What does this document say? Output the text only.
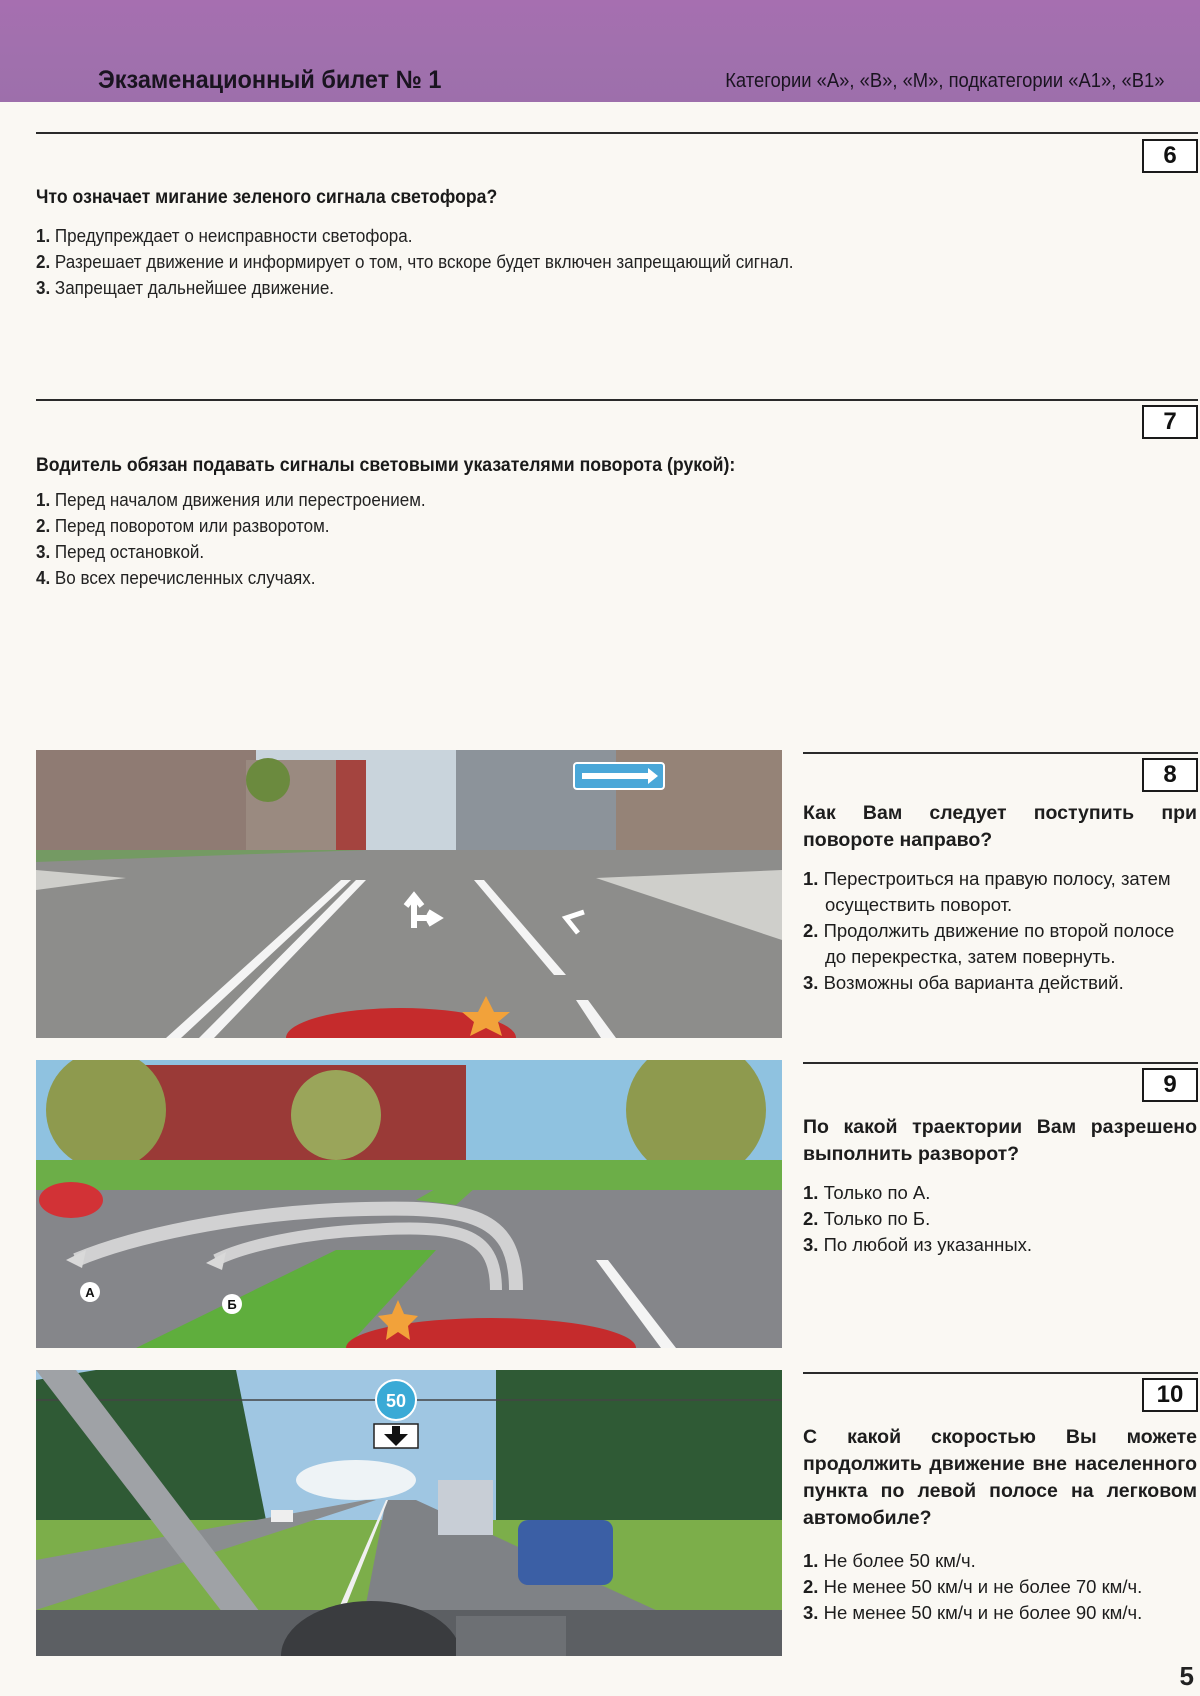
Экзаменационный билет № 1	Категории «А», «В», «М», подкатегории «А1», «В1»
6
Что означает мигание зеленого сигнала светофора?
1. Предупреждает о неисправности светофора.
2. Разрешает движение и информирует о том, что вскоре будет включен запрещающий сигнал.
3. Запрещает дальнейшее движение.
7
Водитель обязан подавать сигналы световыми указателями поворота (рукой):
1. Перед началом движения или перестроением.
2. Перед поворотом или разворотом.
3. Перед остановкой.
4. Во всех перечисленных случаях.
8
Как Вам следует поступить при повороте направо?
1. Перестроиться на правую полосу, затем
осуществить поворот.
2. Продолжить движение по второй полосе
до перекрестка, затем повернуть.
3. Возможны оба варианта действий.
А
Б
9
По какой траектории Вам разрешено выполнить разворот?
1. Только по А.
2. Только по Б.
3. По любой из указанных.
50	10
С какой скоростью Вы можете продолжить движение вне населенного пункта по левой полосе на легковом автомобиле?
1. Не более 50 км/ч.
2. Не менее 50 км/ч и не более 70 км/ч.
3. Не менее 50 км/ч и не более 90 км/ч.
5
